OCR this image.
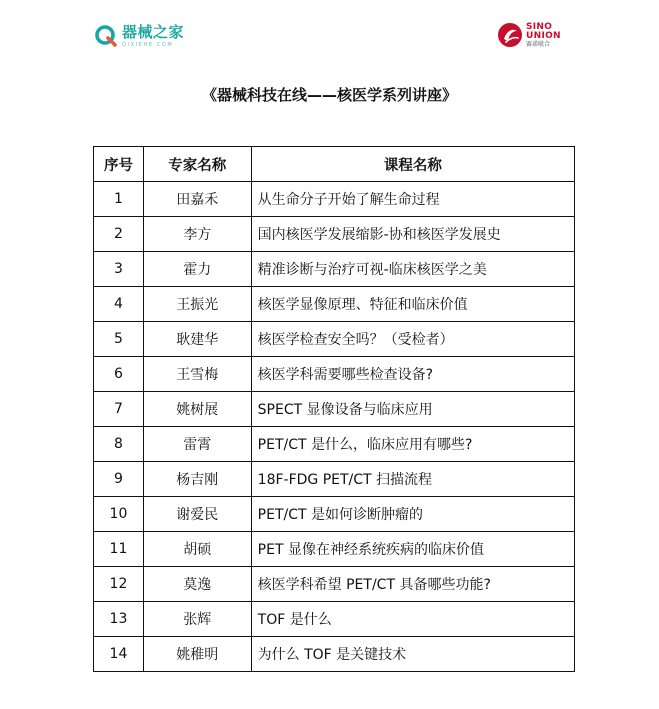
器械之家
QIXIEHE.COM
SINO
UNION
赛诺联合
《器械科技在线——核医学系列讲座》
序号	专家名称	课程名称
1	田嘉禾	从生命分子开始了解生命过程
2	李方	国内核医学发展缩影-协和核医学发展史
3	霍力	精准诊断与治疗可视-临床核医学之美
4	王振光	核医学显像原理、特征和临床价值
5	耿建华	核医学检查安全吗？（受检者）
6	王雪梅	核医学科需要哪些检查设备?
7	姚树展	SPECT 显像设备与临床应用
8	雷霄	PET/CT 是什么，临床应用有哪些?
9	杨吉刚	18F-FDG PET/CT 扫描流程
10	谢爱民	PET/CT 是如何诊断肿瘤的
11	胡硕	PET 显像在神经系统疾病的临床价值
12	莫逸	核医学科希望 PET/CT 具备哪些功能?
13	张辉	TOF 是什么
14	姚稚明	为什么 TOF 是关键技术
